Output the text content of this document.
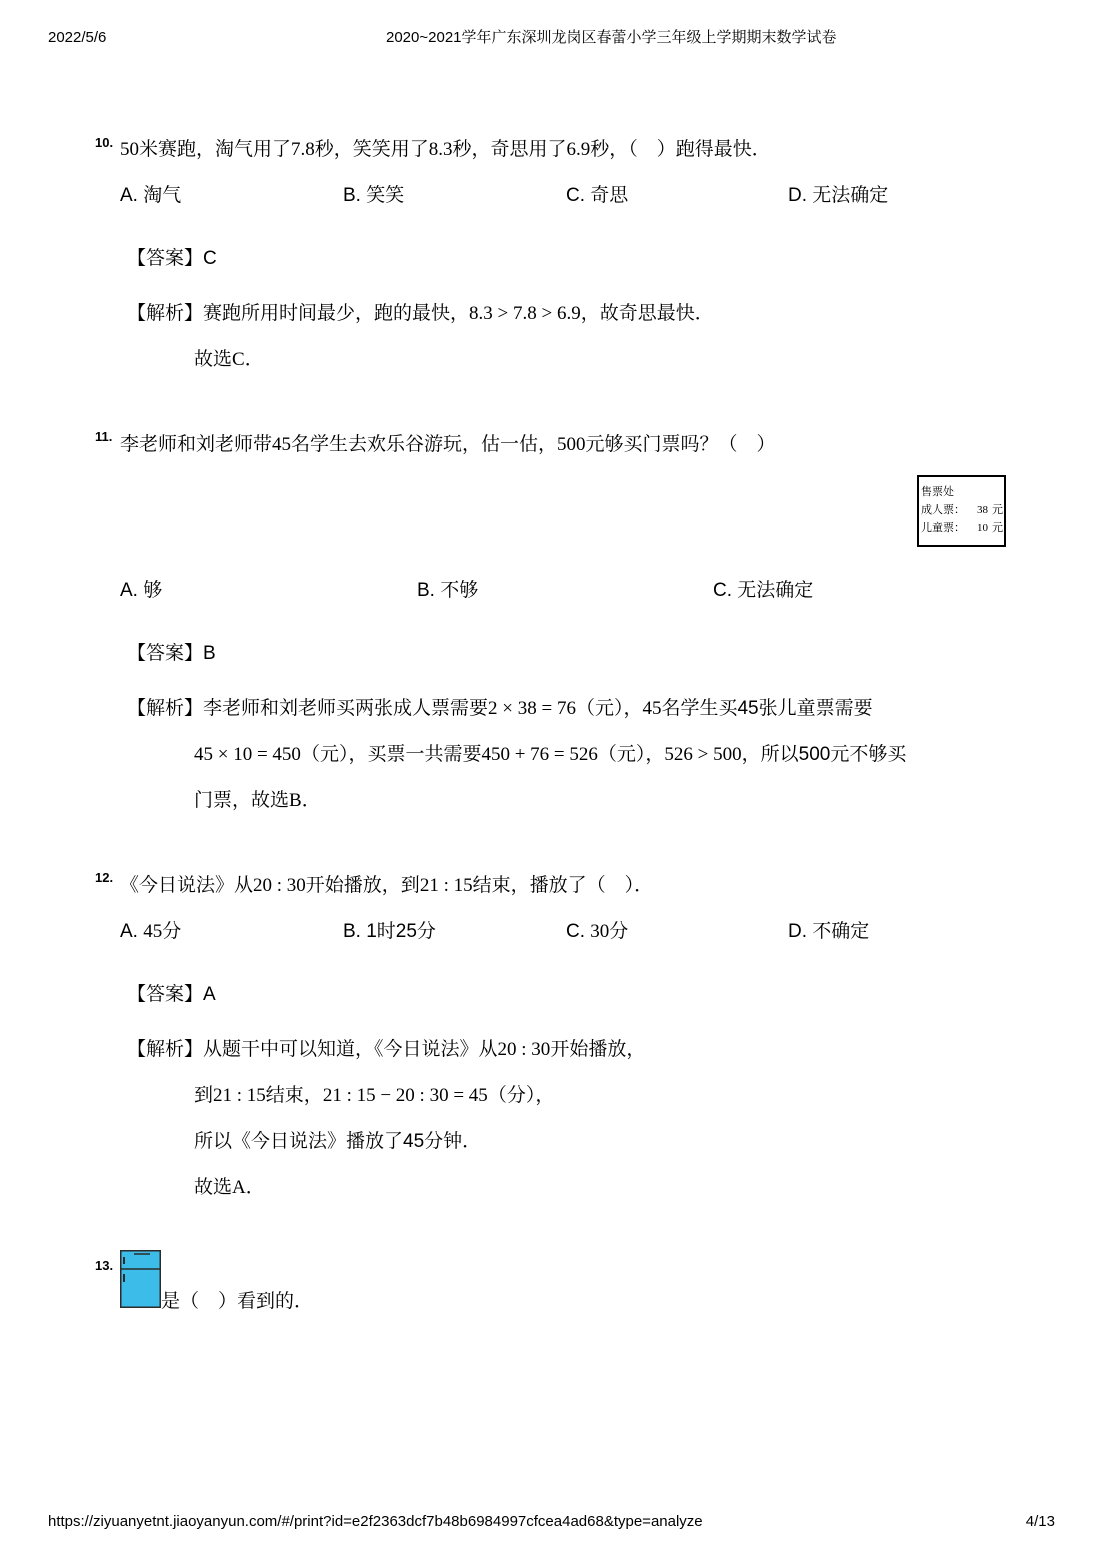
2022/5/6	2020~2021学年广东深圳龙岗区春蕾小学三年级上学期期末数学试卷
10. 50米赛跑，淘气用了7.8秒，笑笑用了8.3秒，奇思用了6.9秒，（　）跑得最快．
A. 淘气	B. 笑笑	C. 奇思	D. 无法确定
【答案】C
【解析】赛跑所用时间最少，跑的最快，8.3 > 7.8 > 6.9，故奇思最快．
故选C．
11. 李老师和刘老师带45名学生去欢乐谷游玩，估一估，500元够买门票吗？（　）
售票处
成人票： 38 元
儿童票： 10 元
A. 够	B. 不够	C. 无法确定
【答案】B
【解析】李老师和刘老师买两张成人票需要2 × 38 = 76（元），45名学生买45张儿童票需要
45 × 10 = 450（元），买票一共需要450 + 76 = 526（元），526 > 500，所以500元不够买
门票，故选B．
12. 《今日说法》从20 : 30开始播放，到21 : 15结束，播放了（　）．
A. 45分	B. 1时25分	C. 30分	D. 不确定
【答案】A
【解析】从题干中可以知道，《今日说法》从20 : 30开始播放，
到21 : 15结束，21 : 15 − 20 : 30 = 45（分），
所以《今日说法》播放了45分钟．
故选A．
13.
是（　）看到的．
https://ziyuanyetnt.jiaoyanyun.com/#/print?id=e2f2363dcf7b48b6984997cfcea4ad68&type=analyze	4/13
